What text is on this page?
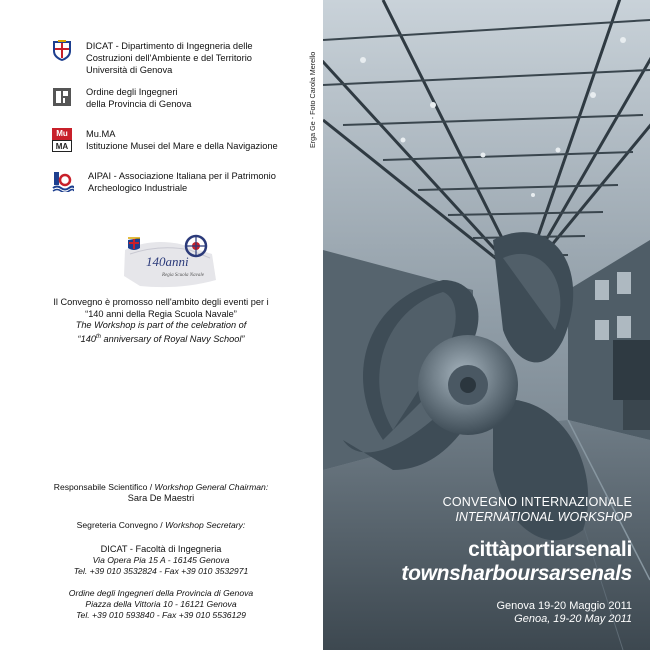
DICAT - Dipartimento di Ingegneria delle
Costruzioni dell'Ambiente e del Territorio
Università di Genova
Ordine degli Ingegneri
della Provincia di Genova
Mu
MA
Mu.MA
Istituzione Musei del Mare e della Navigazione
AIPAI - Associazione Italiana per il Patrimonio
Archeologico Industriale
Erga Ge - Foto Carola Merello
140anni
Regia Scuola Navale
Il Convegno è promosso nell'ambito degli eventi per i
“140 anni della Regia Scuola Navale”
The Workshop is part of the celebration of
“140th anniversary of Royal Navy School”
Responsabile Scientifico / Workshop General Chairman:
Sara De Maestri
Segreteria Convegno / Workshop Secretary:
DICAT - Facoltà di Ingegneria
Via Opera Pia 15 A - 16145 Genova
Tel. +39 010 3532824 - Fax +39 010 3532971
Ordine degli Ingegneri della Provincia di Genova
Piazza della Vittoria 10 - 16121 Genova
Tel. +39 010 593840 - Fax +39 010 5536129
CONVEGNO INTERNAZIONALE
INTERNATIONAL WORKSHOP
cittàportiarsenali
townsharboursarsenals
Genova 19-20 Maggio 2011
Genoa, 19-20 May 2011
